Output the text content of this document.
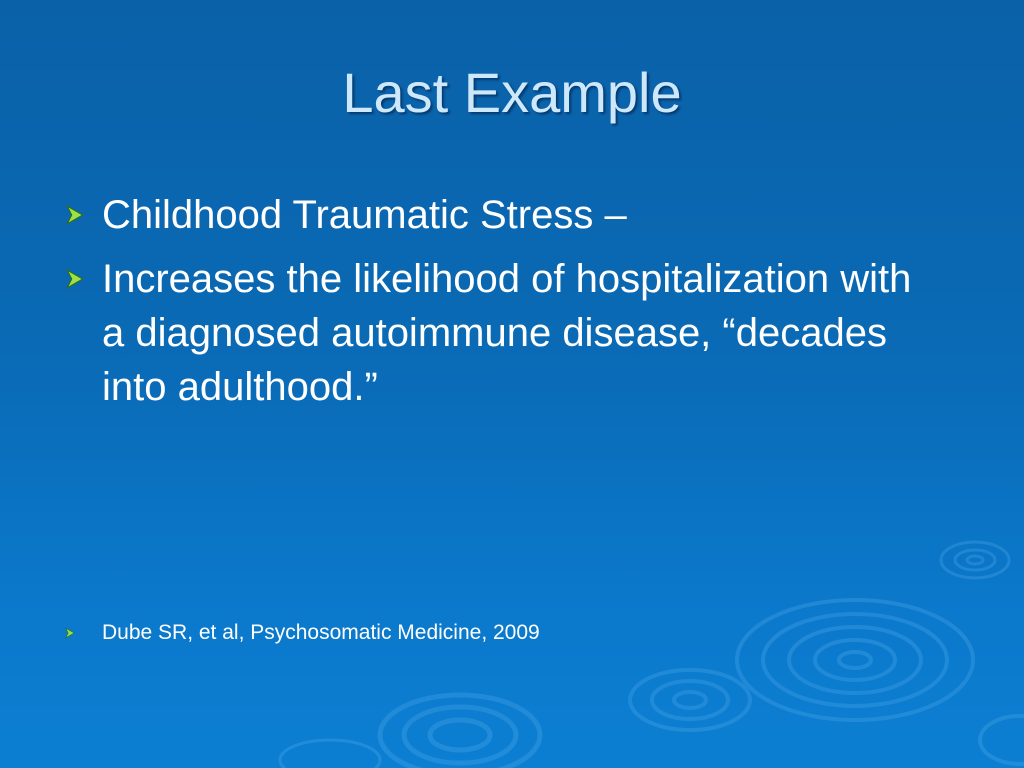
Last Example
Childhood Traumatic Stress –
Increases the likelihood of hospitalization with a diagnosed autoimmune disease, “decades into adulthood.”
Dube SR, et al, Psychosomatic Medicine, 2009
